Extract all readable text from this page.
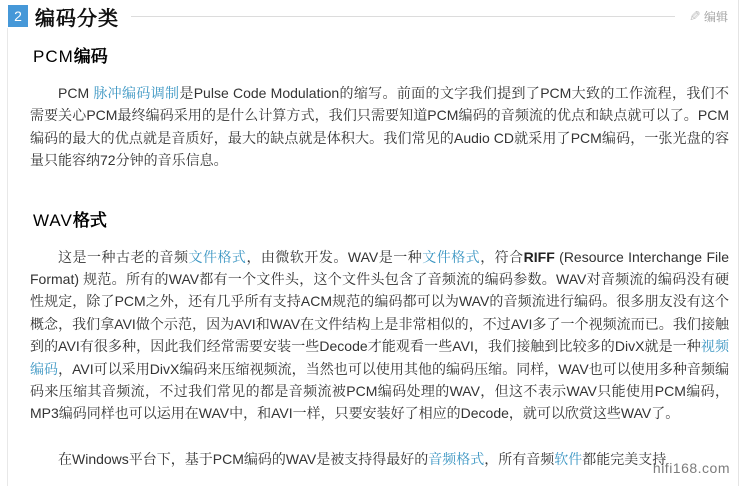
2 编码分类	✎ 编辑
PCM编码

PCM 脉冲编码调制是Pulse Code Modulation的缩写。前面的文字我们提到了PCM大致的工作流程，我们不需要关心PCM最终编码采用的是什么计算方式，我们只需要知道PCM编码的音频流的优点和缺点就可以了。PCM编码的最大的优点就是音质好，最大的缺点就是体积大。我们常见的Audio CD就采用了PCM编码，一张光盘的容量只能容纳72分钟的音乐信息。

WAV格式

这是一种古老的音频文件格式，由微软开发。WAV是一种文件格式，符合RIFF (Resource Interchange File Format) 规范。所有的WAV都有一个文件头，这个文件头包含了音频流的编码参数。WAV对音频流的编码没有硬性规定，除了PCM之外，还有几乎所有支持ACM规范的编码都可以为WAV的音频流进行编码。很多朋友没有这个概念，我们拿AVI做个示范，因为AVI和WAV在文件结构上是非常相似的，不过AVI多了一个视频流而已。我们接触到的AVI有很多种，因此我们经常需要安装一些Decode才能观看一些AVI，我们接触到比较多的DivX就是一种视频编码，AVI可以采用DivX编码来压缩视频流，当然也可以使用其他的编码压缩。同样，WAV也可以使用多种音频编码来压缩其音频流，不过我们常见的都是音频流被PCM编码处理的WAV，但这不表示WAV只能使用PCM编码，MP3编码同样也可以运用在WAV中，和AVI一样，只要安装好了相应的Decode，就可以欣赏这些WAV了。

在Windows平台下，基于PCM编码的WAV是被支持得最好的音频格式，所有音频软件都能完美支持

hifi168.com
